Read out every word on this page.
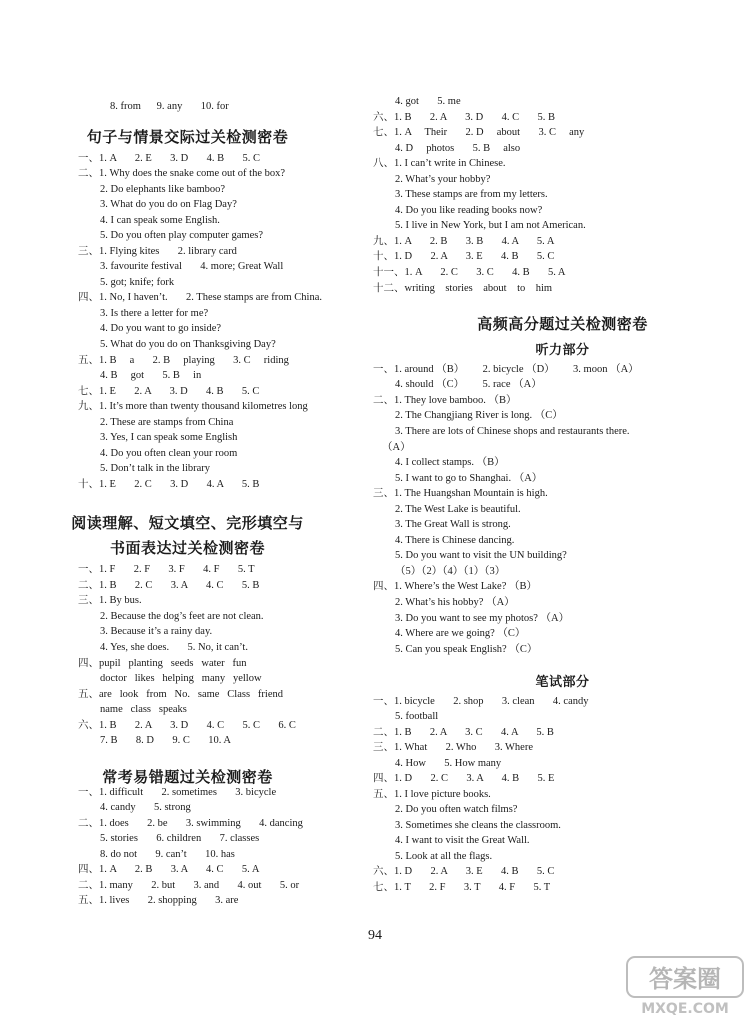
8. from      9. any       10. for
句子与情景交际过关检测密卷
一、1. A       2. E       3. D       4. B       5. C
二、1. Why does the snake come out of the box?
2. Do elephants like bamboo?
3. What do you do on Flag Day?
4. I can speak some English.
5. Do you often play computer games?
三、1. Flying kites       2. library card
3. favourite festival       4. more; Great Wall
5. got; knife; fork
四、1. No, I haven’t.       2. These stamps are from China.
3. Is there a letter for me?
4. Do you want to go inside?
5. What do you do on Thanksgiving Day?
五、1. B     a       2. B     playing       3. C     riding
4. B     got       5. B     in
七、1. E       2. A       3. D       4. B       5. C
九、1. It’s more than twenty thousand kilometres long
2. These are stamps from China
3. Yes, I can speak some English
4. Do you often clean your room
5. Don’t talk in the library
十、1. E       2. C       3. D       4. A       5. B
阅读理解、短文填空、完形填空与
书面表达过关检测密卷
一、1. F       2. F       3. F       4. F       5. T
二、1. B       2. C       3. A       4. C       5. B
三、1. By bus.
2. Because the dog’s feet are not clean.
3. Because it’s a rainy day.
4. Yes, she does.       5. No, it can’t.
四、pupil   planting   seeds   water   fun
doctor   likes   helping   many   yellow
五、are   look   from   No.   same   Class   friend
name   class   speaks
六、1. B       2. A       3. D       4. C       5. C       6. C
7. B       8. D       9. C       10. A
常考易错题过关检测密卷
一、1. difficult       2. sometimes       3. bicycle
4. candy       5. strong
二、1. does       2. be       3. swimming       4. dancing
5. stories       6. children       7. classes
8. do not       9. can’t       10. has
四、1. A       2. B       3. A       4. C       5. A
二、1. many       2. but       3. and       4. out       5. or
五、1. lives       2. shopping       3. are
4. got       5. me
六、1. B       2. A       3. D       4. C       5. B
七、1. A     Their       2. D     about       3. C     any
4. D     photos       5. B     also
八、1. I can’t write in Chinese.
2. What’s your hobby?
3. These stamps are from my letters.
4. Do you like reading books now?
5. I live in New York, but I am not American.
九、1. A       2. B       3. B       4. A       5. A
十、1. D       2. A       3. E       4. B       5. C
十一、1. A       2. C       3. C       4. B       5. A
十二、writing    stories    about    to    him
高频高分题过关检测密卷
听力部分
一、1. around （B）       2. bicycle （D）       3. moon （A）
4. should （C）       5. race （A）
二、1. They love bamboo. （B）
2. The Changjiang River is long. （C）
3. There are lots of Chinese shops and restaurants there.
（A）
4. I collect stamps. （B）
5. I want to go to Shanghai. （A）
三、1. The Huangshan Mountain is high.
2. The West Lake is beautiful.
3. The Great Wall is strong.
4. There is Chinese dancing.
5. Do you want to visit the UN building?
（5）（2）（4）（1）（3）
四、1. Where’s the West Lake? （B）
2. What’s his hobby? （A）
3. Do you want to see my photos? （A）
4. Where are we going? （C）
5. Can you speak English? （C）
笔试部分
一、1. bicycle       2. shop       3. clean       4. candy
5. football
二、1. B       2. A       3. C       4. A       5. B
三、1. What       2. Who       3. Where
4. How       5. How many
四、1. D       2. C       3. A       4. B       5. E
五、1. I love picture books.
2. Do you often watch films?
3. Sometimes she cleans the classroom.
4. I want to visit the Great Wall.
5. Look at all the flags.
六、1. D       2. A       3. E       4. B       5. C
七、1. T       2. F       3. T       4. F       5. T
94
答案圈
MXQE.COM
